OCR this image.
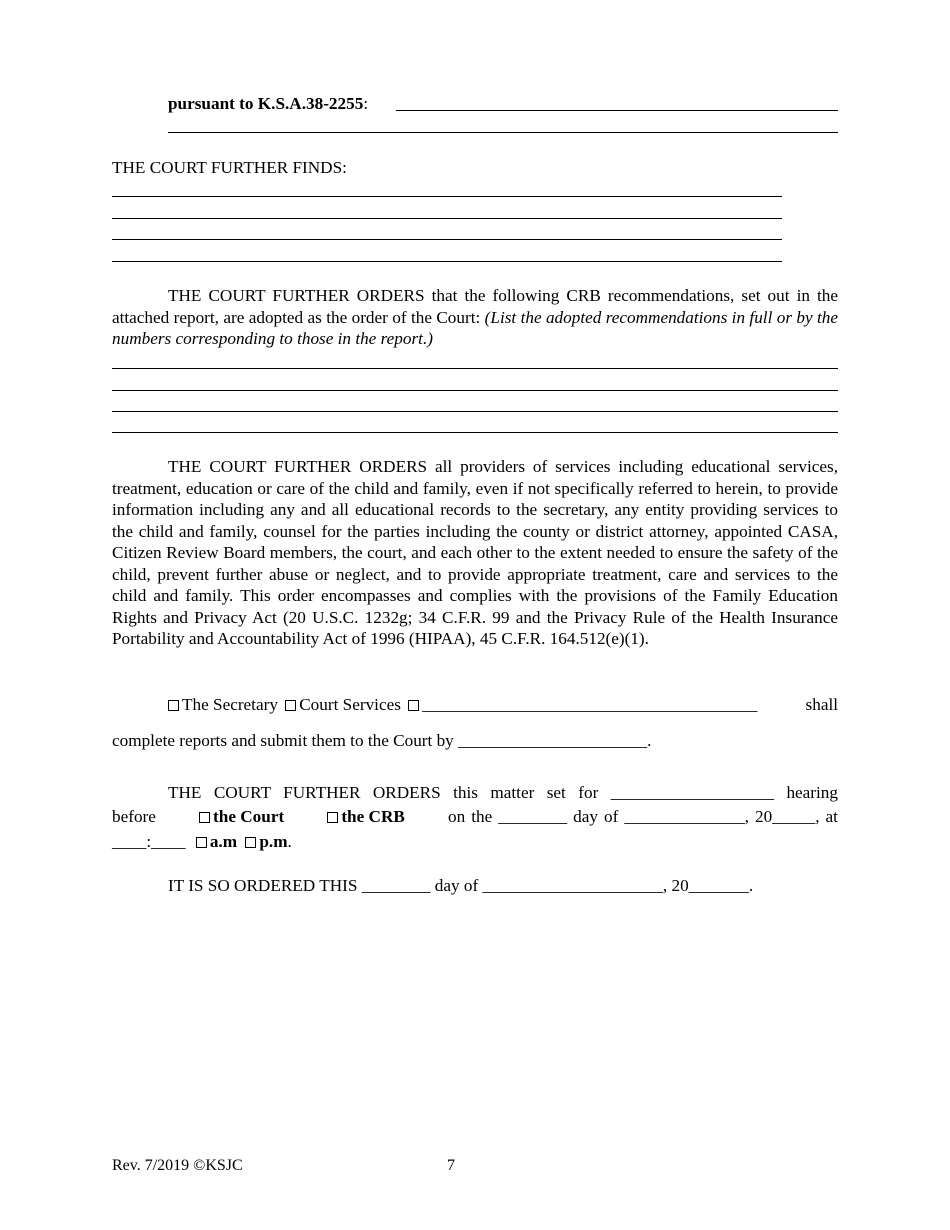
pursuant to K.S.A.38-2255:
THE COURT FURTHER FINDS:
THE COURT FURTHER ORDERS that the following CRB recommendations, set out in the attached report, are adopted as the order of the Court: (List the adopted recommendations in full or by the numbers corresponding to those in the report.)
THE COURT FURTHER ORDERS all providers of services including educational services, treatment, education or care of the child and family, even if not specifically referred to herein, to provide information including any and all educational records to the secretary, any entity providing services to the child and family, counsel for the parties including the county or district attorney, appointed CASA, Citizen Review Board members, the court, and each other to the extent needed to ensure the safety of the child, prevent further abuse or neglect, and to provide appropriate treatment, care and services to the child and family. This order encompasses and complies with the provisions of the Family Education Rights and Privacy Act (20 U.S.C. 1232g; 34 C.F.R. 99 and the Privacy Rule of the Health Insurance Portability and Accountability Act of 1996 (HIPAA), 45 C.F.R. 164.512(e)(1).
The Secretary Court Services _______________________________________	shall
complete reports and submit them to the Court by ______________________.
THE COURT FURTHER ORDERS this matter set for ___________________ hearing
before	the Court	the CRB	on the ________ day of ______________, 20_____, at
____:____ a.m p.m.
IT IS SO ORDERED THIS ________ day of _____________________, 20_______.
Rev. 7/2019 ©KSJC	7
